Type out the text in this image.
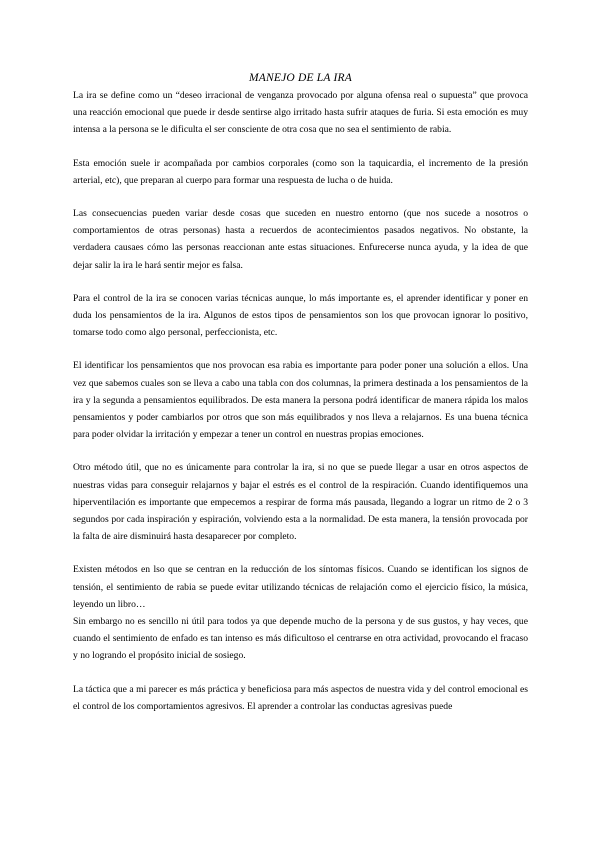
MANEJO DE LA IRA

La ira se define como un “deseo irracional de venganza provocado por alguna ofensa real o supuesta” que provoca una reacción emocional que puede ir desde sentirse algo irritado hasta sufrir ataques de furia. Si esta emoción es muy intensa a la persona se le dificulta el ser consciente de otra cosa que no sea el sentimiento de rabia.

Esta emoción suele ir acompañada por cambios corporales (como son la taquicardia, el incremento de la presión arterial, etc), que preparan al cuerpo para formar una respuesta de lucha o de huida.

Las consecuencias pueden variar desde cosas que suceden en nuestro entorno (que nos sucede a nosotros o comportamientos de otras personas) hasta a recuerdos de acontecimientos pasados negativos. No obstante, la verdadera causaes cómo las personas reaccionan ante estas situaciones. Enfurecerse nunca ayuda, y la idea de que dejar salir la ira le hará sentir mejor es falsa.

Para el control de la ira se conocen varias técnicas aunque, lo más importante es, el aprender identificar y poner en duda los pensamientos de la ira. Algunos de estos tipos de pensamientos son los que provocan ignorar lo positivo, tomarse todo como algo personal, perfeccionista, etc.

El identificar los pensamientos que nos provocan esa rabia es importante para poder poner una solución a ellos. Una vez que sabemos cuales son se lleva a cabo una tabla con dos columnas, la primera destinada a los pensamientos de la ira y la segunda a pensamientos equilibrados. De esta manera la persona podrá identificar de manera rápida los malos pensamientos y poder cambiarlos por otros que son más equilibrados y nos lleva a relajarnos. Es una buena técnica para poder olvidar la irritación y empezar a tener un control en nuestras propias emociones.

Otro método útil, que no es únicamente para controlar la ira, si no que se puede llegar a usar en otros aspectos de nuestras vidas para conseguir relajarnos y bajar el estrés es el control de la respiración. Cuando identifiquemos una hiperventilación es importante que empecemos a respirar de forma más pausada, llegando a lograr un ritmo de 2 o 3 segundos por cada inspiración y espiración, volviendo esta a la normalidad. De esta manera, la tensión provocada por la falta de aire disminuirá hasta desaparecer por completo.

Existen métodos en lso que se centran en la reducción de los síntomas físicos. Cuando se identifican los signos de tensión, el sentimiento de rabia se puede evitar utilizando técnicas de relajación como el ejercicio físico, la música, leyendo un libro…

Sin embargo no es sencillo ni útil para todos ya que depende mucho de la persona y de sus gustos, y hay veces, que cuando el sentimiento de enfado es tan intenso es más dificultoso el centrarse en otra actividad, provocando el fracaso y no logrando el propósito inicial de sosiego.

La táctica que a mi parecer es más práctica y beneficiosa para más aspectos de nuestra vida y del control emocional es el control de los comportamientos agresivos. El aprender a controlar las conductas agresivas puede
